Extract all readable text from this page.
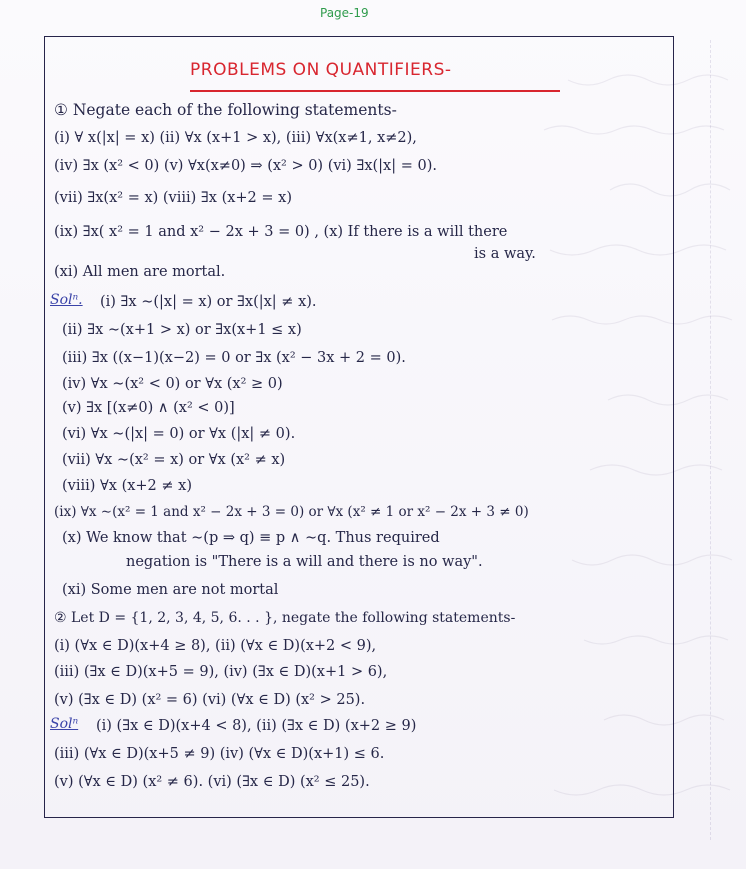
Page-19
PROBLEMS ON QUANTIFIERS-
① Negate each of the following statements-
(i) ∀ x(|x| = x) (ii) ∀x (x+1 > x), (iii) ∀x(x≠1, x≠2),
(iv) ∃x (x² < 0) (v) ∀x(x≠0) ⇒ (x² > 0) (vi) ∃x(|x| = 0).
(vii) ∃x(x² = x) (viii) ∃x (x+2 = x)
(ix) ∃x( x² = 1 and x² − 2x + 3 = 0) , (x) If there is a will there
is a way.
(xi) All men are mortal.
Solⁿ. (i) ∃x ∼(|x| = x) or ∃x(|x| ≠ x).
(ii) ∃x ∼(x+1 > x) or ∃x(x+1 ≤ x)
(iii) ∃x ((x−1)(x−2) = 0 or ∃x (x² − 3x + 2 = 0).
(iv) ∀x ∼(x² < 0) or ∀x (x² ≥ 0)
(v) ∃x [(x≠0) ∧ (x² < 0)]
(vi) ∀x ∼(|x| = 0) or ∀x (|x| ≠ 0).
(vii) ∀x ∼(x² = x) or ∀x (x² ≠ x)
(viii) ∀x (x+2 ≠ x)
(ix) ∀x ∼(x² = 1 and x² − 2x + 3 = 0) or ∀x (x² ≠ 1 or x² − 2x + 3 ≠ 0)
(x) We know that ∼(p ⇒ q) ≡ p ∧ ∼q. Thus required
negation is "There is a will and there is no way".
(xi) Some men are not mortal
② Let D = {1, 2, 3, 4, 5, 6. . . }, negate the following statements-
(i) (∀x ∈ D)(x+4 ≥ 8), (ii) (∀x ∈ D)(x+2 < 9),
(iii) (∃x ∈ D)(x+5 = 9), (iv) (∃x ∈ D)(x+1 > 6),
(v) (∃x ∈ D) (x² = 6) (vi) (∀x ∈ D) (x² > 25).
Solⁿ (i) (∃x ∈ D)(x+4 < 8), (ii) (∃x ∈ D) (x+2 ≥ 9)
(iii) (∀x ∈ D)(x+5 ≠ 9) (iv) (∀x ∈ D)(x+1) ≤ 6.
(v) (∀x ∈ D) (x² ≠ 6). (vi) (∃x ∈ D) (x² ≤ 25).
